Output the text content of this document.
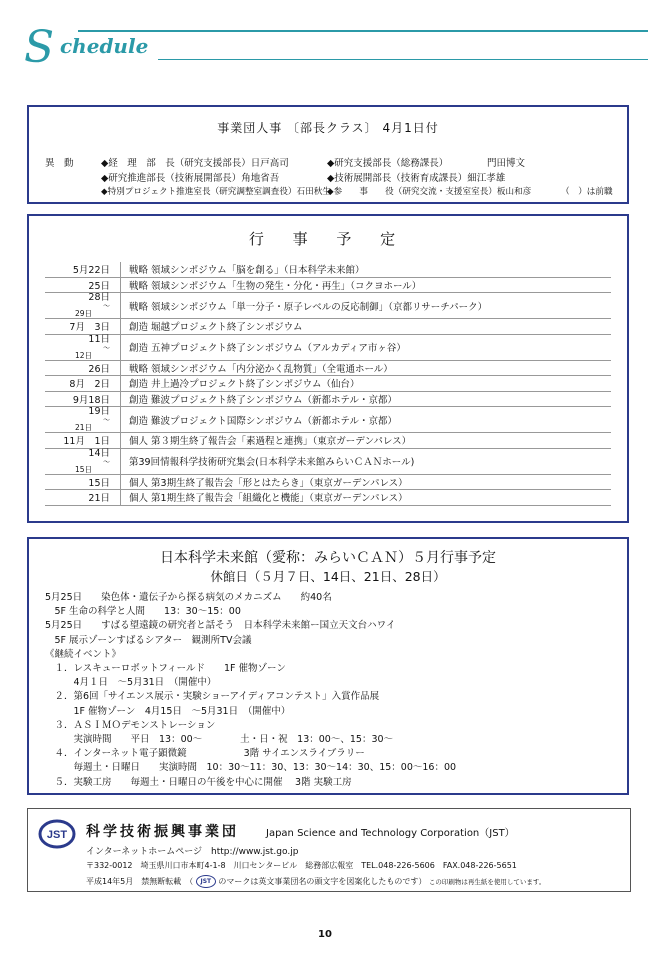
S chedule
事業団人事 〔部長クラス〕 4月1日付
異　動	◆経　理　部　長（研究支援部長）日戸高司	◆研究支援部長（総務課長）	門田博文
◆研究推進部長（技術展開部長）角地省吾	◆技術展開部長（技術育成課長）細江孝雄
◆特別プロジェクト推進室長（研究調整室調査役）石田秋生
◆参　　事　　役（研究交流・支援室室長）板山和彦	（　）は前職
行 事 予 定
5月22日	戦略 領域シンポジウム「脳を創る」（日本科学未来館）
25日	戦略 領域シンポジウム「生物の発生・分化・再生」（コクヨホール）

28日
〜
29日	戦略 領域シンポジウム「単一分子・原子レベルの反応制御」（京都リサーチパーク）
7月　3日	創造 堀越プロジェクト終了シンポジウム

11日
〜
12日	創造 五神プロジェクト終了シンポジウム（アルカディア市ヶ谷）
26日	戦略 領域シンポジウム「内分泌かく乱物質」（全電通ホール）
8月　2日	創造 井上過冷プロジェクト終了シンポジウム（仙台）
9月18日	創造 難波プロジェクト終了シンポジウム（新都ホテル・京都）

19日
〜
21日	創造 難波プロジェクト国際シンポジウム（新都ホテル・京都）
11月　1日	個人 第３期生終了報告会「素過程と連携」（東京ガーデンパレス）

14日
〜
15日	第39回情報科学技術研究集会(日本科学未来館みらいＣＡＮホール)
15日	個人 第3期生終了報告会「形とはたらき」（東京ガーデンパレス）
21日	個人 第1期生終了報告会「組織化と機能」（東京ガーデンパレス）
日本科学未来館（愛称：みらいＣＡＮ）５月行事予定
休館日（５月７日、14日、21日、28日）
5月25日　　染色体・遺伝子から探る病気のメカニズム　　約40名
　5F 生命の科学と人間　　13：30〜15：00
5月25日　　すばる望遠鏡の研究者と話そう　日本科学未来館ー国立天文台ハワイ
　5F 展示ゾーンすばるシアター　観測所TV会議
《継続イベント》
　１．レスキューロボットフィールド　　1F 催物ゾーン
　　　4月１日　〜5月31日　（開催中）
　２．第6回「サイエンス展示・実験ショーアイディアコンテスト」入賞作品展
　　　1F 催物ゾーン　4月15日　〜5月31日　（開催中）
　３．ＡＳＩＭＯデモンストレーション
　　　実演時間　　平日　13：00〜　　　　土・日・祝　13：00〜、15：30〜
　４．インターネット電子顕微鏡　　　　　　3階 サイエンスライブラリー
　　　毎週土・日曜日　　実演時間　10：30〜11：30、13：30〜14：30、15：00〜16：00
　５．実験工房　　毎週土・日曜日の午後を中心に開催　 3階 実験工房
JST 科学技術振興事業団	Japan Science and Technology Corporation（JST）
インターネットホームページ　http://www.jst.go.jp
〒332-0012　埼玉県川口市本町4-1-8　川口センタービル　総務部広報室　TEL.048-226-5606　FAX.048-226-5651
平成14年5月　禁無断転載　（ JST のマークは英文事業団名の頭文字を図案化したものです） この印刷物は再生紙を使用しています。
10
